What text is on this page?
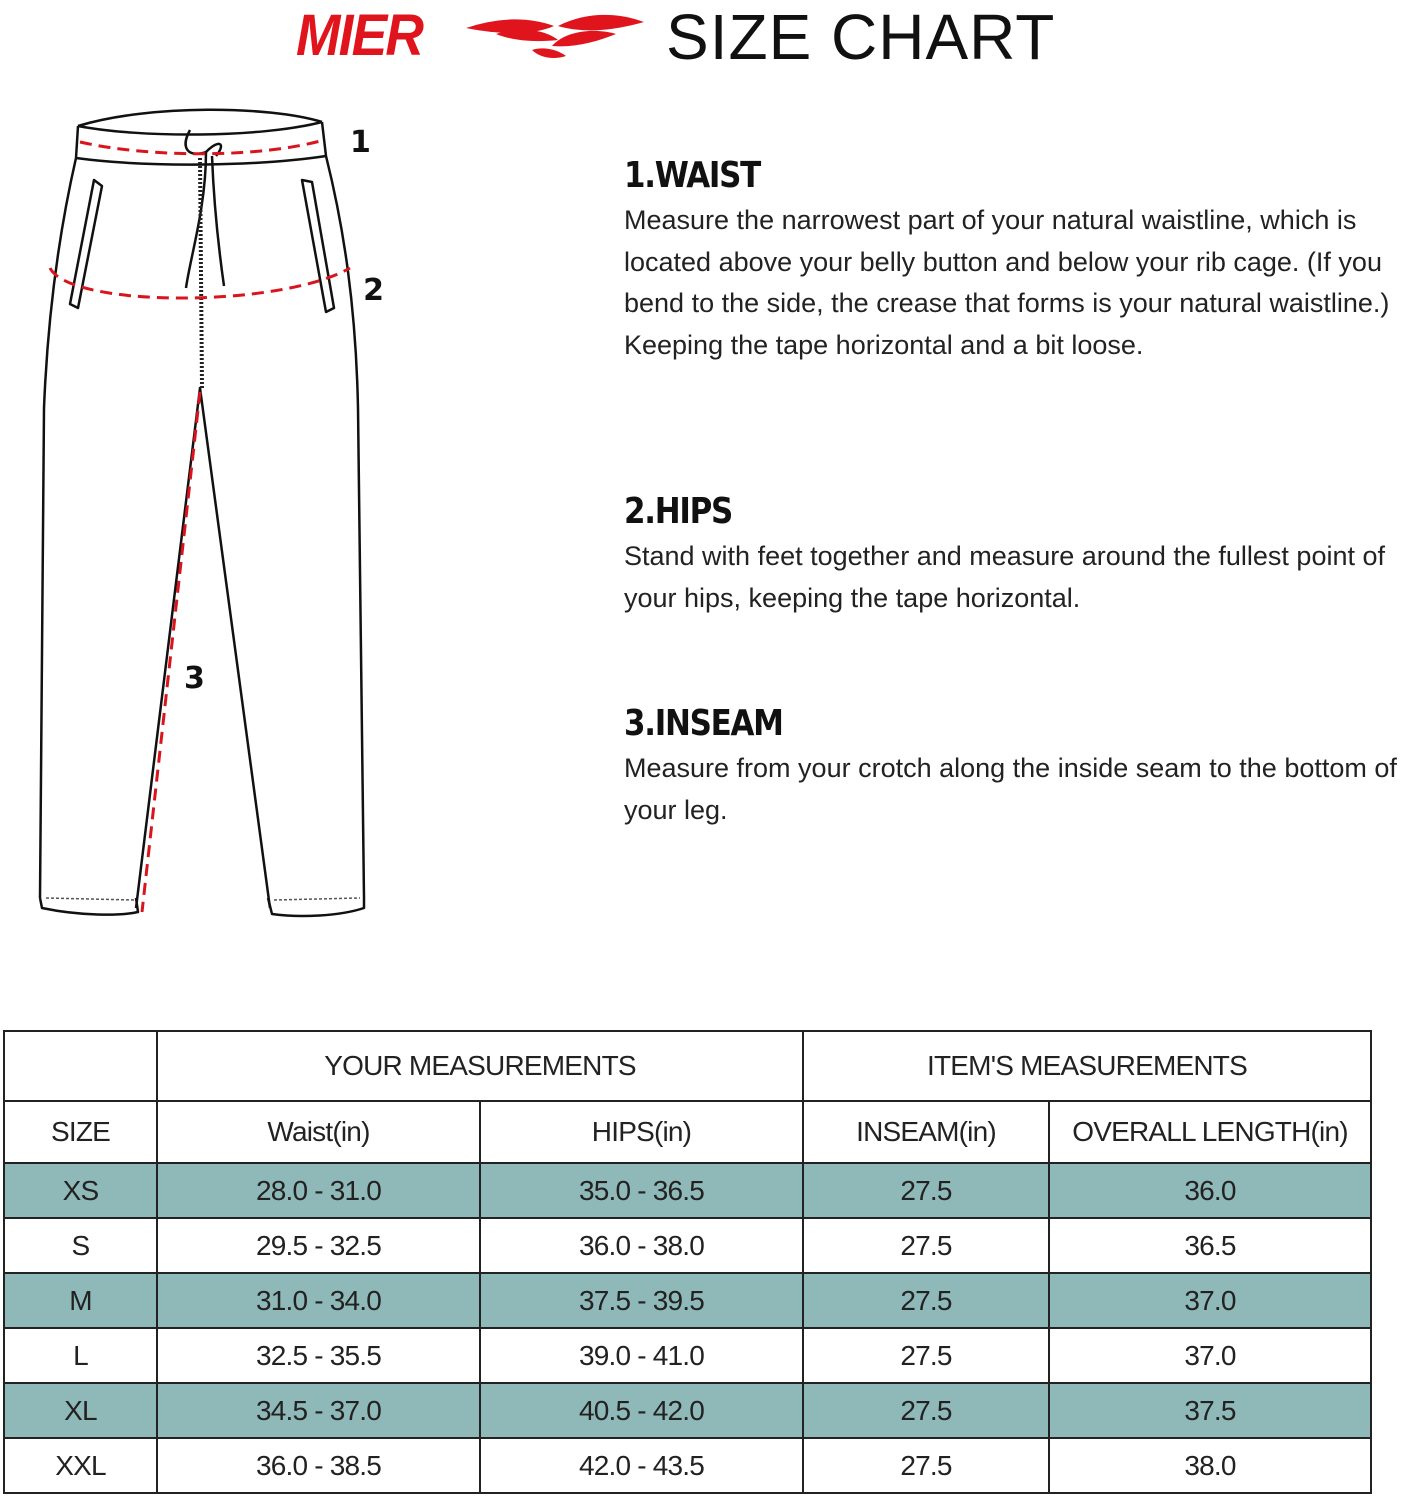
MIER	SIZE CHART
1
2
3
1.WAIST

Measure the narrowest part of your natural waistline, which is located above your belly button and below your rib cage. (If you bend to the side, the crease that forms is your natural waistline.) Keeping the tape horizontal and a bit loose.

2.HIPS

Stand with feet together and measure around the fullest point of your hips, keeping the tape horizontal.

3.INSEAM

Measure from your crotch along the inside seam to the bottom of your leg.

	YOUR MEASUREMENTS		ITEM'S MEASUREMENTS	
SIZE	Waist(in)	HIPS(in)	INSEAM(in)	OVERALL LENGTH(in)
XS	28.0 - 31.0	35.0 - 36.5	27.5	36.0
S	29.5 - 32.5	36.0 - 38.0	27.5	36.5
M	31.0 - 34.0	37.5 - 39.5	27.5	37.0
L	32.5 - 35.5	39.0 - 41.0	27.5	37.0
XL	34.5 - 37.0	40.5 - 42.0	27.5	37.5
XXL	36.0 - 38.5	42.0 - 43.5	27.5	38.0
